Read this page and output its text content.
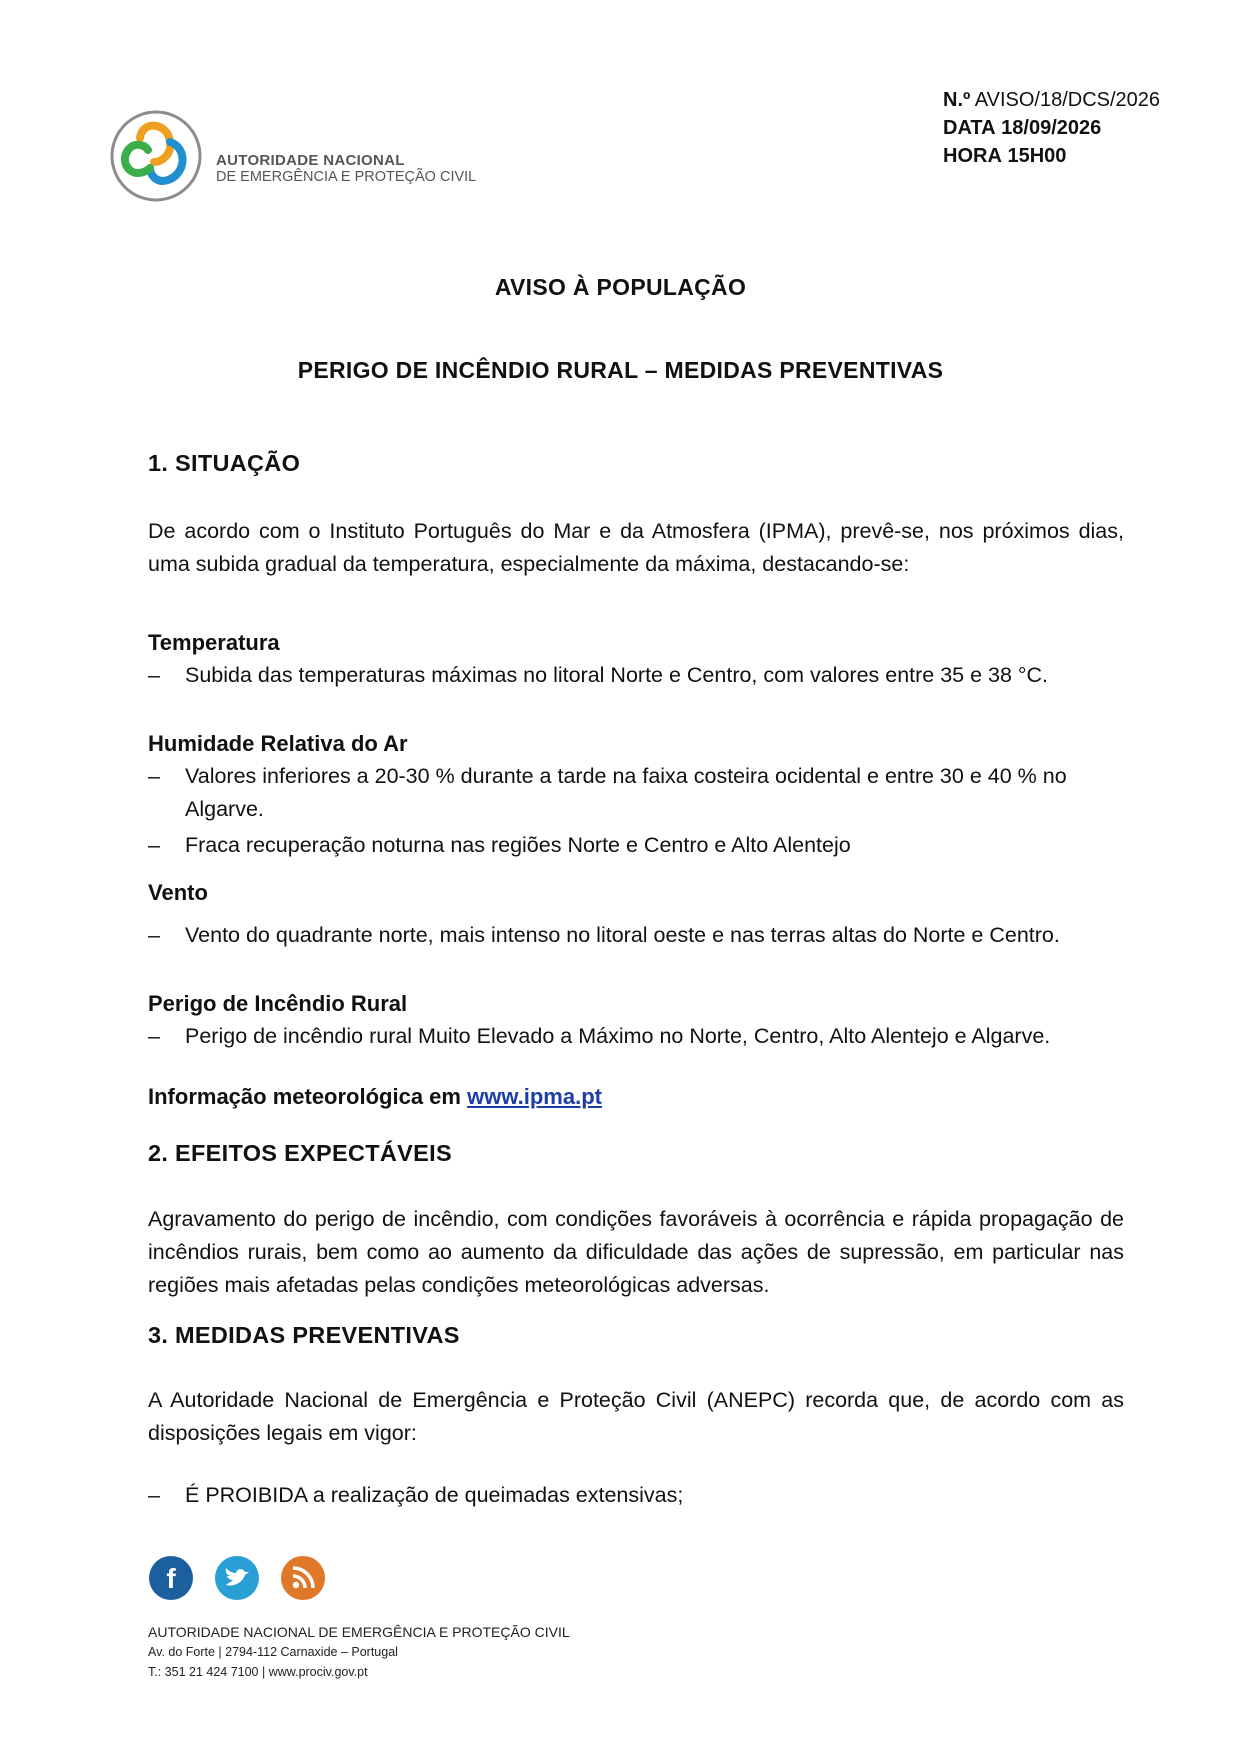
AUTORIDADE NACIONAL
DE EMERGÊNCIA E PROTEÇÃO CIVIL
N.º AVISO/18/DCS/2026
DATA 18/09/2026
HORA 15H00
AVISO À POPULAÇÃO
PERIGO DE INCÊNDIO RURAL – MEDIDAS PREVENTIVAS
1. SITUAÇÃO
De acordo com o Instituto Português do Mar e da Atmosfera (IPMA), prevê-se, nos próximos dias, uma subida gradual da temperatura, especialmente da máxima, destacando-se:
Temperatura
– Subida das temperaturas máximas no litoral Norte e Centro, com valores entre 35 e 38 °C.
Humidade Relativa do Ar
– Valores inferiores a 20-30 % durante a tarde na faixa costeira ocidental e entre 30 e 40 % no Algarve.
– Fraca recuperação noturna nas regiões Norte e Centro e Alto Alentejo
Vento
– Vento do quadrante norte, mais intenso no litoral oeste e nas terras altas do Norte e Centro.
Perigo de Incêndio Rural
– Perigo de incêndio rural Muito Elevado a Máximo no Norte, Centro, Alto Alentejo e Algarve.
Informação meteorológica em www.ipma.pt
2. EFEITOS EXPECTÁVEIS
Agravamento do perigo de incêndio, com condições favoráveis à ocorrência e rápida propagação de incêndios rurais, bem como ao aumento da dificuldade das ações de supressão, em particular nas regiões mais afetadas pelas condições meteorológicas adversas.
3. MEDIDAS PREVENTIVAS
A Autoridade Nacional de Emergência e Proteção Civil (ANEPC) recorda que, de acordo com as disposições legais em vigor:
– É PROIBIDA a realização de queimadas extensivas;
f
AUTORIDADE NACIONAL DE EMERGÊNCIA E PROTEÇÃO CIVIL
Av. do Forte | 2794-112 Carnaxide – Portugal
T.: 351 21 424 7100 | www.prociv.gov.pt
